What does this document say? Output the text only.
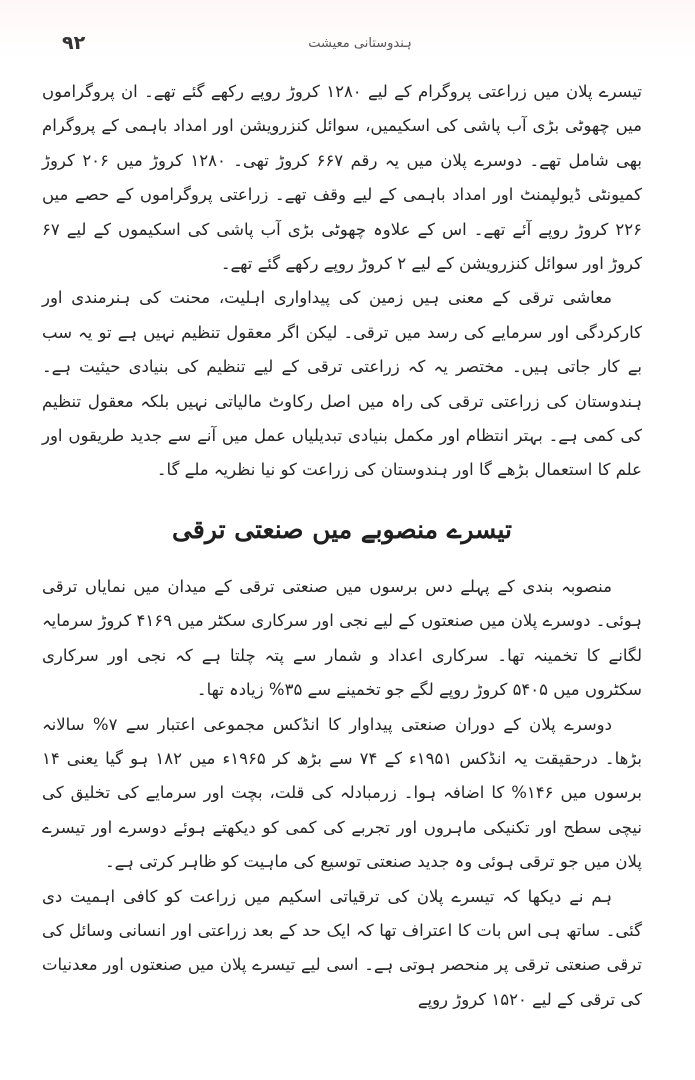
۹۲	ہندوستانی معیشت

تیسرے پلان میں زراعتی پروگرام کے لیے ۱۲۸۰ کروڑ روپے رکھے گئے تھے۔ ان پروگراموں میں چھوٹی بڑی آب پاشی کی اسکیمیں، سوائل کنزرویشن اور امداد باہمی کے پروگرام بھی شامل تھے۔ دوسرے پلان میں یہ رقم ۶۶۷ کروڑ تھی۔ ۱۲۸۰ کروڑ میں ۲۰۶ کروڑ کمیونٹی ڈیولپمنٹ اور امداد باہمی کے لیے وقف تھے۔ زراعتی پروگراموں کے حصے میں ۲۲۶ کروڑ روپے آئے تھے۔ اس کے علاوہ چھوٹی بڑی آب پاشی کی اسکیموں کے لیے ۶۷ کروڑ اور سوائل کنزرویشن کے لیے ۲ کروڑ روپے رکھے گئے تھے۔

معاشی ترقی کے معنی ہیں زمین کی پیداواری اہلیت، محنت کی ہنرمندی اور کارکردگی اور سرمایے کی رسد میں ترقی۔ لیکن اگر معقول تنظیم نہیں ہے تو یہ سب بے کار جاتی ہیں۔ مختصر یہ کہ زراعتی ترقی کے لیے تنظیم کی بنیادی حیثیت ہے۔ ہندوستان کی زراعتی ترقی کی راہ میں اصل رکاوٹ مالیاتی نہیں بلکہ معقول تنظیم کی کمی ہے۔ بہتر انتظام اور مکمل بنیادی تبدیلیاں عمل میں آنے سے جدید طریقوں اور علم کا استعمال بڑھے گا اور ہندوستان کی زراعت کو نیا نظریہ ملے گا۔

تیسرے منصوبے میں صنعتی ترقی

منصوبہ بندی کے پہلے دس برسوں میں صنعتی ترقی کے میدان میں نمایاں ترقی ہوئی۔ دوسرے پلان میں صنعتوں کے لیے نجی اور سرکاری سکٹر میں ۴۱۶۹ کروڑ سرمایہ لگانے کا تخمینہ تھا۔ سرکاری اعداد و شمار سے پتہ چلتا ہے کہ نجی اور سرکاری سکٹروں میں ۵۴۰۵ کروڑ روپے لگے جو تخمینے سے ۳۵% زیادہ تھا۔

دوسرے پلان کے دوران صنعتی پیداوار کا انڈکس مجموعی اعتبار سے ۷% سالانہ بڑھا۔ درحقیقت یہ انڈکس ۱۹۵۱ء کے ۷۴ سے بڑھ کر ۱۹۶۵ء میں ۱۸۲ ہو گیا یعنی ۱۴ برسوں میں ۱۴۶% کا اضافہ ہوا۔ زرمبادلہ کی قلت، بچت اور سرمایے کی تخلیق کی نیچی سطح اور تکنیکی ماہروں اور تجربے کی کمی کو دیکھتے ہوئے دوسرے اور تیسرے پلان میں جو ترقی ہوئی وہ جدید صنعتی توسیع کی ماہیت کو ظاہر کرتی ہے۔

ہم نے دیکھا کہ تیسرے پلان کی ترقیاتی اسکیم میں زراعت کو کافی اہمیت دی گئی۔ ساتھ ہی اس بات کا اعتراف تھا کہ ایک حد کے بعد زراعتی اور انسانی وسائل کی ترقی صنعتی ترقی پر منحصر ہوتی ہے۔ اسی لیے تیسرے پلان میں صنعتوں اور معدنیات کی ترقی کے لیے ۱۵۲۰ کروڑ روپے
